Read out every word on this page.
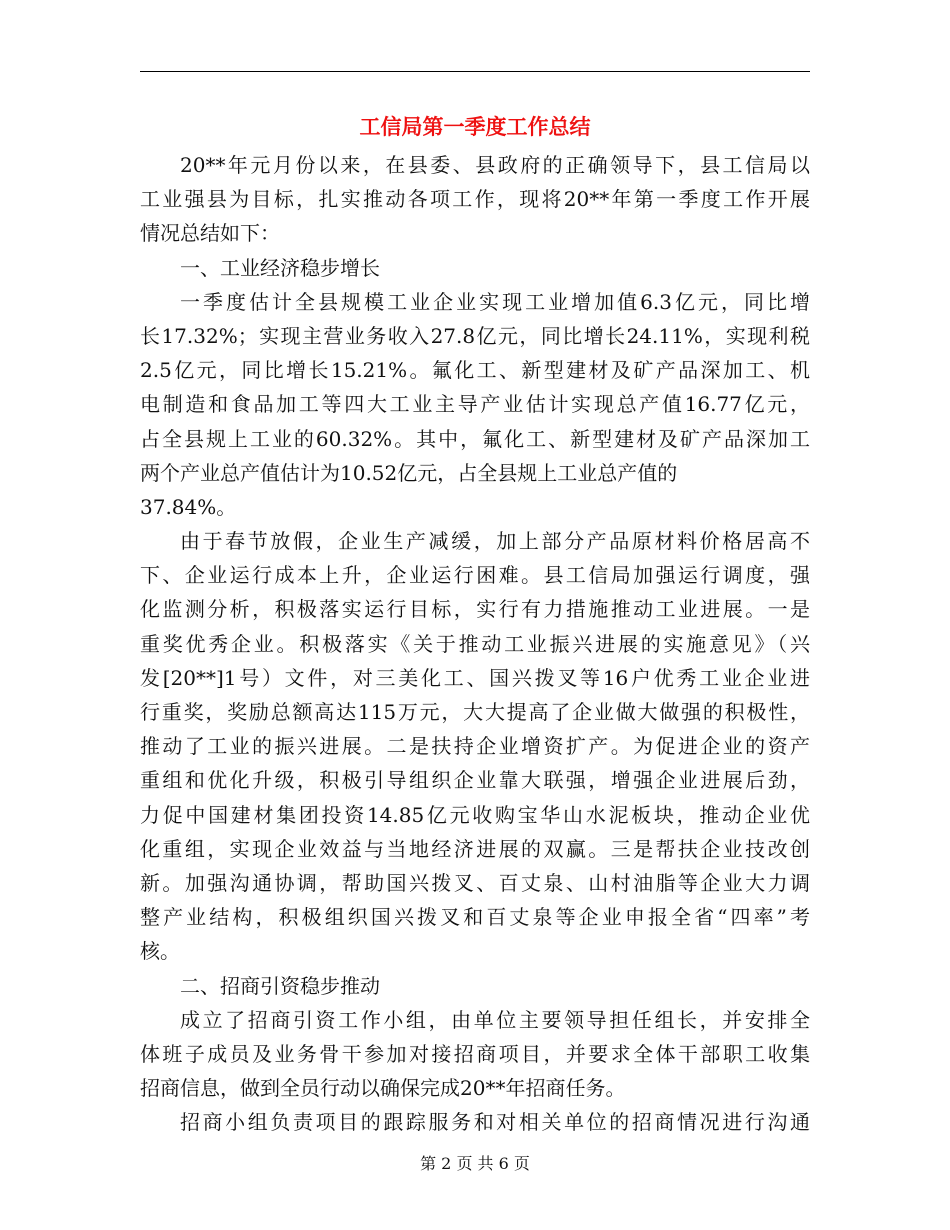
工信局第一季度工作总结
20**年元月份以来，在县委、县政府的正确领导下，县工信局以
工业强县为目标，扎实推动各项工作，现将20**年第一季度工作开展
情况总结如下：
一、工业经济稳步增长
一季度估计全县规模工业企业实现工业增加值6.3亿元，同比增
长17.32%；实现主营业务收入27.8亿元，同比增长24.11%，实现利税
2.5亿元，同比增长15.21%。氟化工、新型建材及矿产品深加工、机
电制造和食品加工等四大工业主导产业估计实现总产值16.77亿元，
占全县规上工业的60.32%。其中，氟化工、新型建材及矿产品深加工
两个产业总产值估计为10.52亿元，占全县规上工业总产值的
37.84%。
由于春节放假，企业生产减缓，加上部分产品原材料价格居高不
下、企业运行成本上升，企业运行困难。县工信局加强运行调度，强
化监测分析，积极落实运行目标，实行有力措施推动工业进展。一是
重奖优秀企业。积极落实《关于推动工业振兴进展的实施意见》（兴
发[20**]1号）文件，对三美化工、国兴拨叉等16户优秀工业企业进
行重奖，奖励总额高达115万元，大大提高了企业做大做强的积极性，
推动了工业的振兴进展。二是扶持企业增资扩产。为促进企业的资产
重组和优化升级，积极引导组织企业靠大联强，增强企业进展后劲，
力促中国建材集团投资14.85亿元收购宝华山水泥板块，推动企业优
化重组，实现企业效益与当地经济进展的双赢。三是帮扶企业技改创
新。加强沟通协调，帮助国兴拨叉、百丈泉、山村油脂等企业大力调
整产业结构，积极组织国兴拨叉和百丈泉等企业申报全省“四率”考
核。
二、招商引资稳步推动
成立了招商引资工作小组，由单位主要领导担任组长，并安排全
体班子成员及业务骨干参加对接招商项目，并要求全体干部职工收集
招商信息，做到全员行动以确保完成20**年招商任务。
招商小组负责项目的跟踪服务和对相关单位的招商情况进行沟通
第 2 页 共 6 页
